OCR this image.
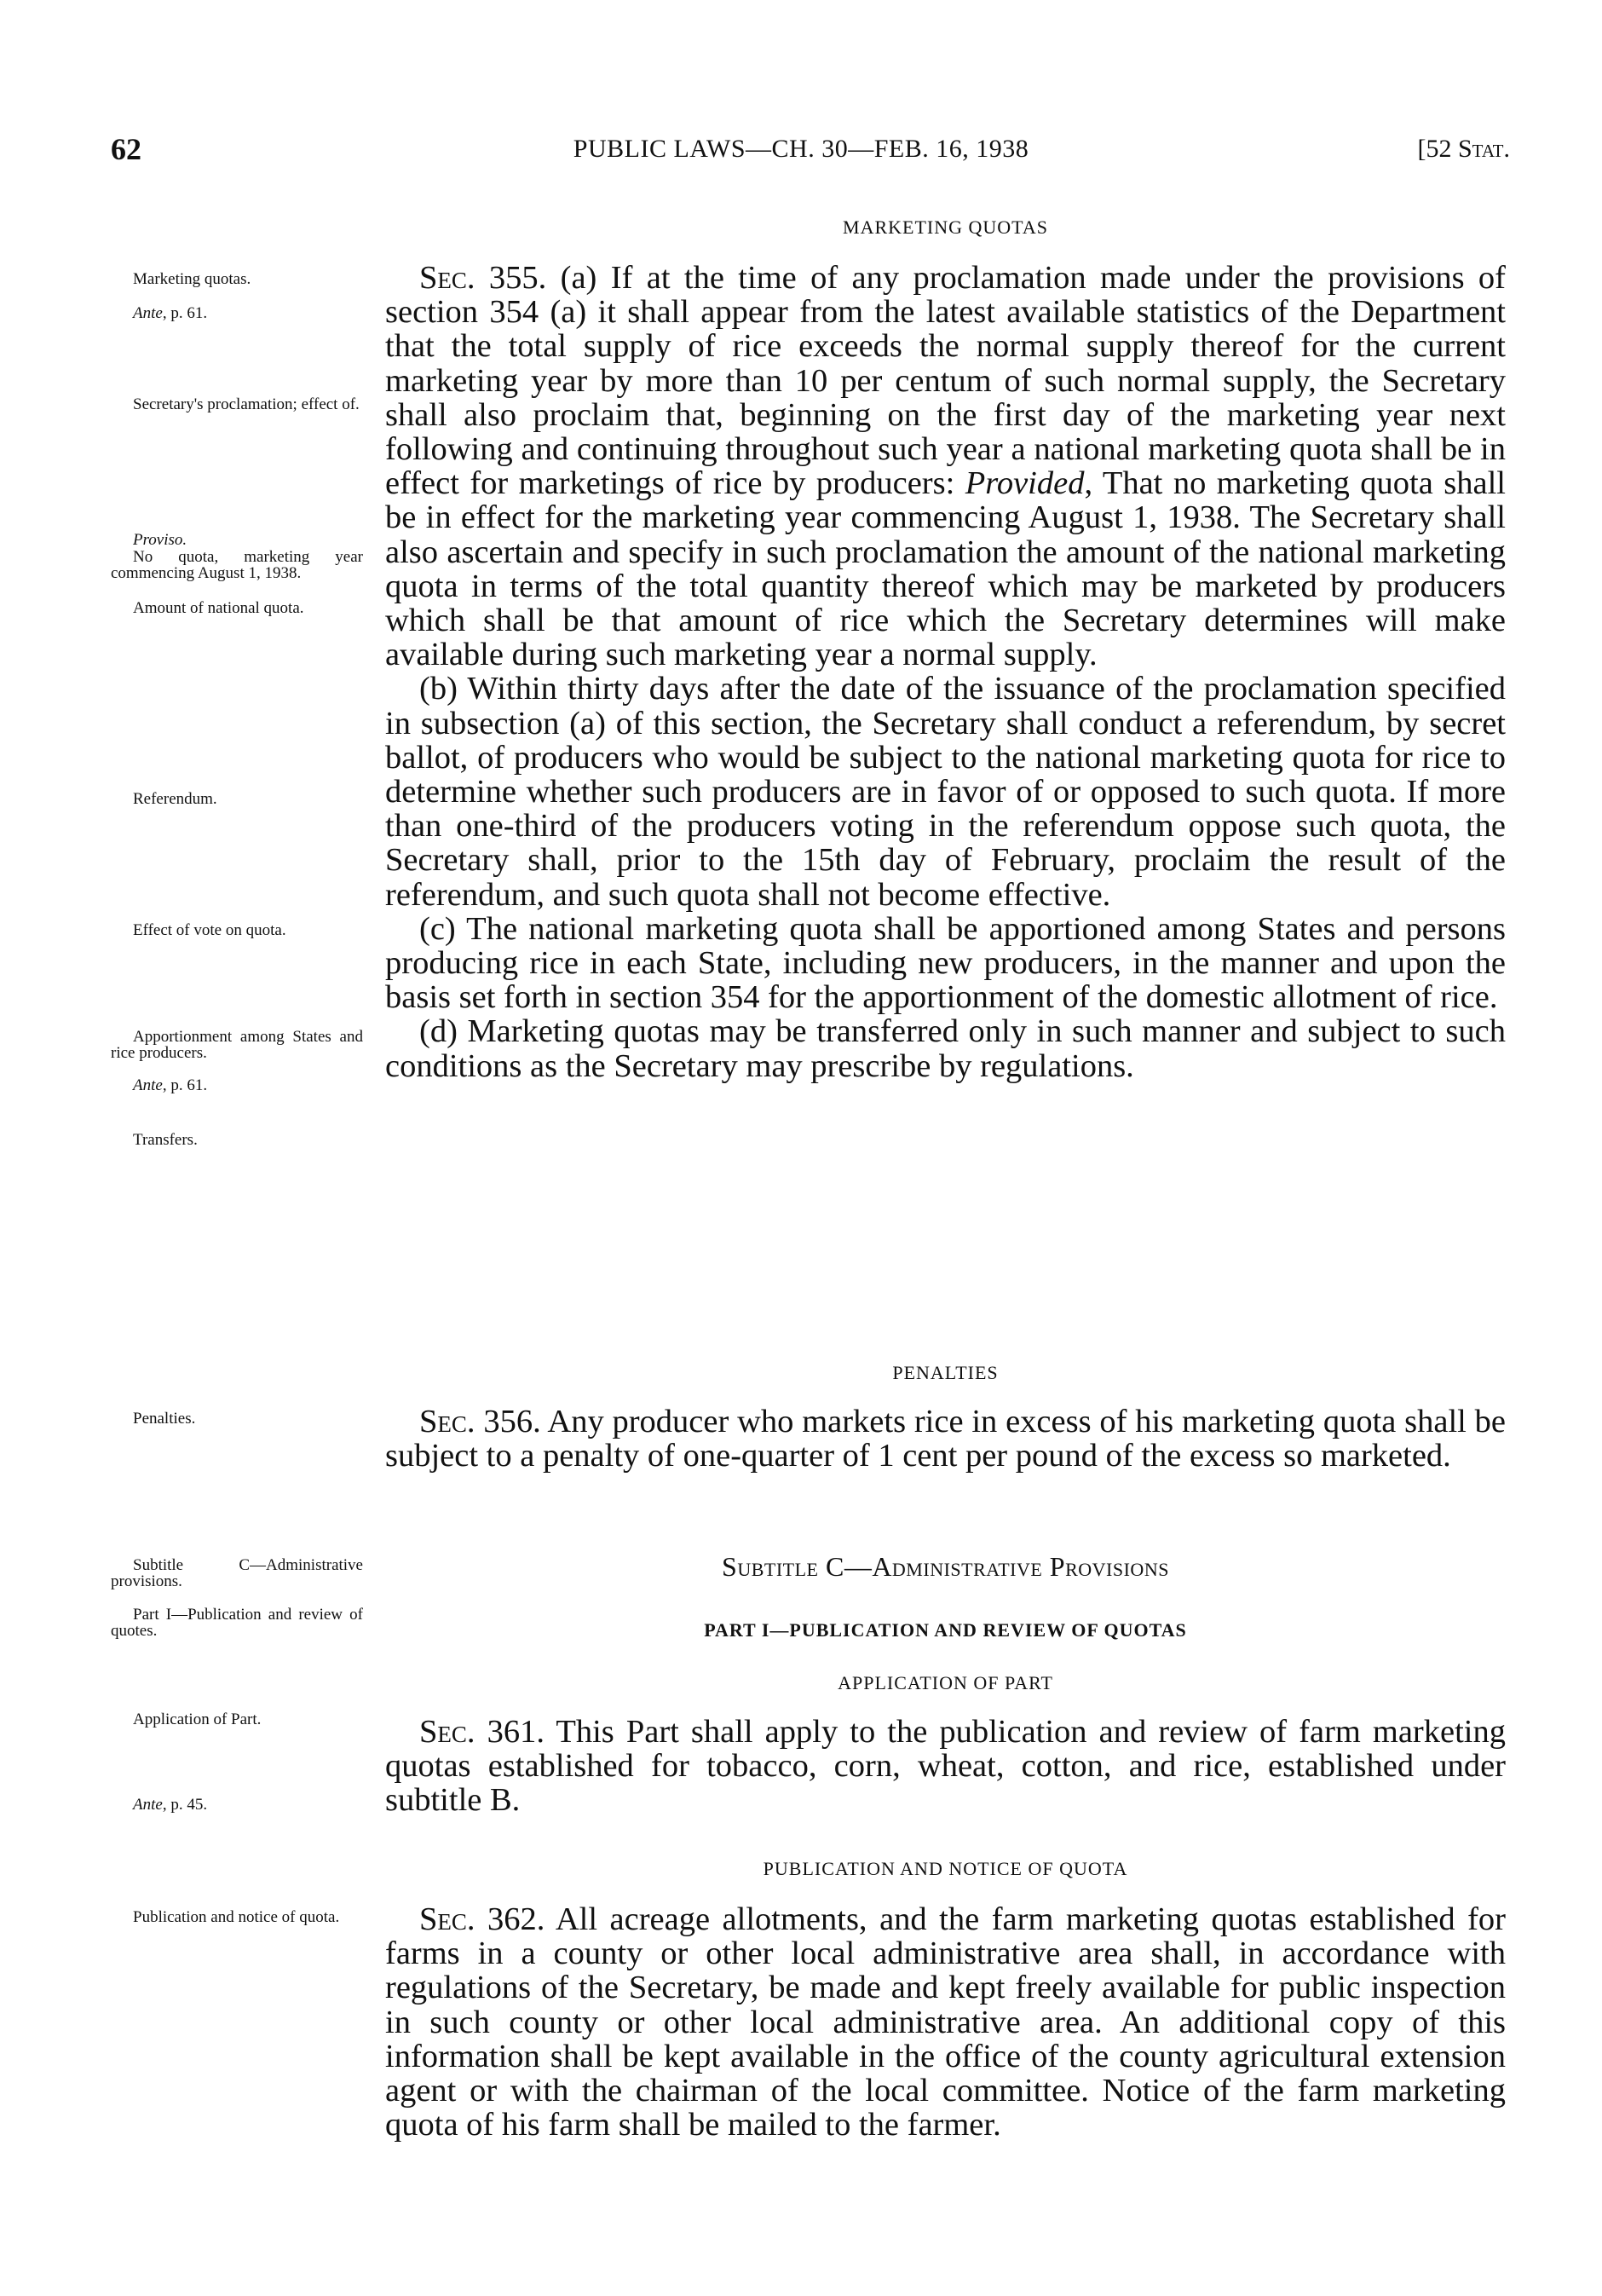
62	PUBLIC LAWS—CH. 30—FEB. 16, 1938	[52 Stat.
MARKETING QUOTAS

Sec. 355. (a) If at the time of any proclamation made under the provisions of section 354 (a) it shall appear from the latest available statistics of the Department that the total supply of rice exceeds the normal supply thereof for the current marketing year by more than 10 per centum of such normal supply, the Secretary shall also proclaim that, beginning on the first day of the marketing year next following and continuing throughout such year a national marketing quota shall be in effect for marketings of rice by producers: Provided, That no marketing quota shall be in effect for the marketing year commencing August 1, 1938. The Secretary shall also ascertain and specify in such proclamation the amount of the national marketing quota in terms of the total quantity thereof which may be marketed by producers which shall be that amount of rice which the Secretary determines will make available during such marketing year a normal supply.

(b) Within thirty days after the date of the issuance of the proclamation specified in subsection (a) of this section, the Secretary shall conduct a referendum, by secret ballot, of producers who would be subject to the national marketing quota for rice to determine whether such producers are in favor of or opposed to such quota. If more than one-third of the producers voting in the referendum oppose such quota, the Secretary shall, prior to the 15th day of February, proclaim the result of the referendum, and such quota shall not become effective.

(c) The national marketing quota shall be apportioned among States and persons producing rice in each State, including new producers, in the manner and upon the basis set forth in section 354 for the apportionment of the domestic allotment of rice.

(d) Marketing quotas may be transferred only in such manner and subject to such conditions as the Secretary may prescribe by regulations.

PENALTIES

Sec. 356. Any producer who markets rice in excess of his marketing quota shall be subject to a penalty of one-quarter of 1 cent per pound of the excess so marketed.

Subtitle C—Administrative Provisions
PART I—PUBLICATION AND REVIEW OF QUOTAS
APPLICATION OF PART

Sec. 361. This Part shall apply to the publication and review of farm marketing quotas established for tobacco, corn, wheat, cotton, and rice, established under subtitle B.

PUBLICATION AND NOTICE OF QUOTA

Sec. 362. All acreage allotments, and the farm marketing quotas established for farms in a county or other local administrative area shall, in accordance with regulations of the Secretary, be made and kept freely available for public inspection in such county or other local administrative area. An additional copy of this information shall be kept available in the office of the county agricultural extension agent or with the chairman of the local committee. Notice of the farm marketing quota of his farm shall be mailed to the farmer.

Marketing quotas.
Ante, p. 61.
Secretary's proclamation; effect of.
Proviso.
No quota, marketing year commencing August 1, 1938.
Amount of national quota.
Referendum.
Effect of vote on quota.
Apportionment among States and rice producers.
Ante, p. 61.
Transfers.
Penalties.
Subtitle C—Administrative provisions.
Part I—Publication and review of quotes.
Application of Part.
Ante, p. 45.
Publication and notice of quota.
